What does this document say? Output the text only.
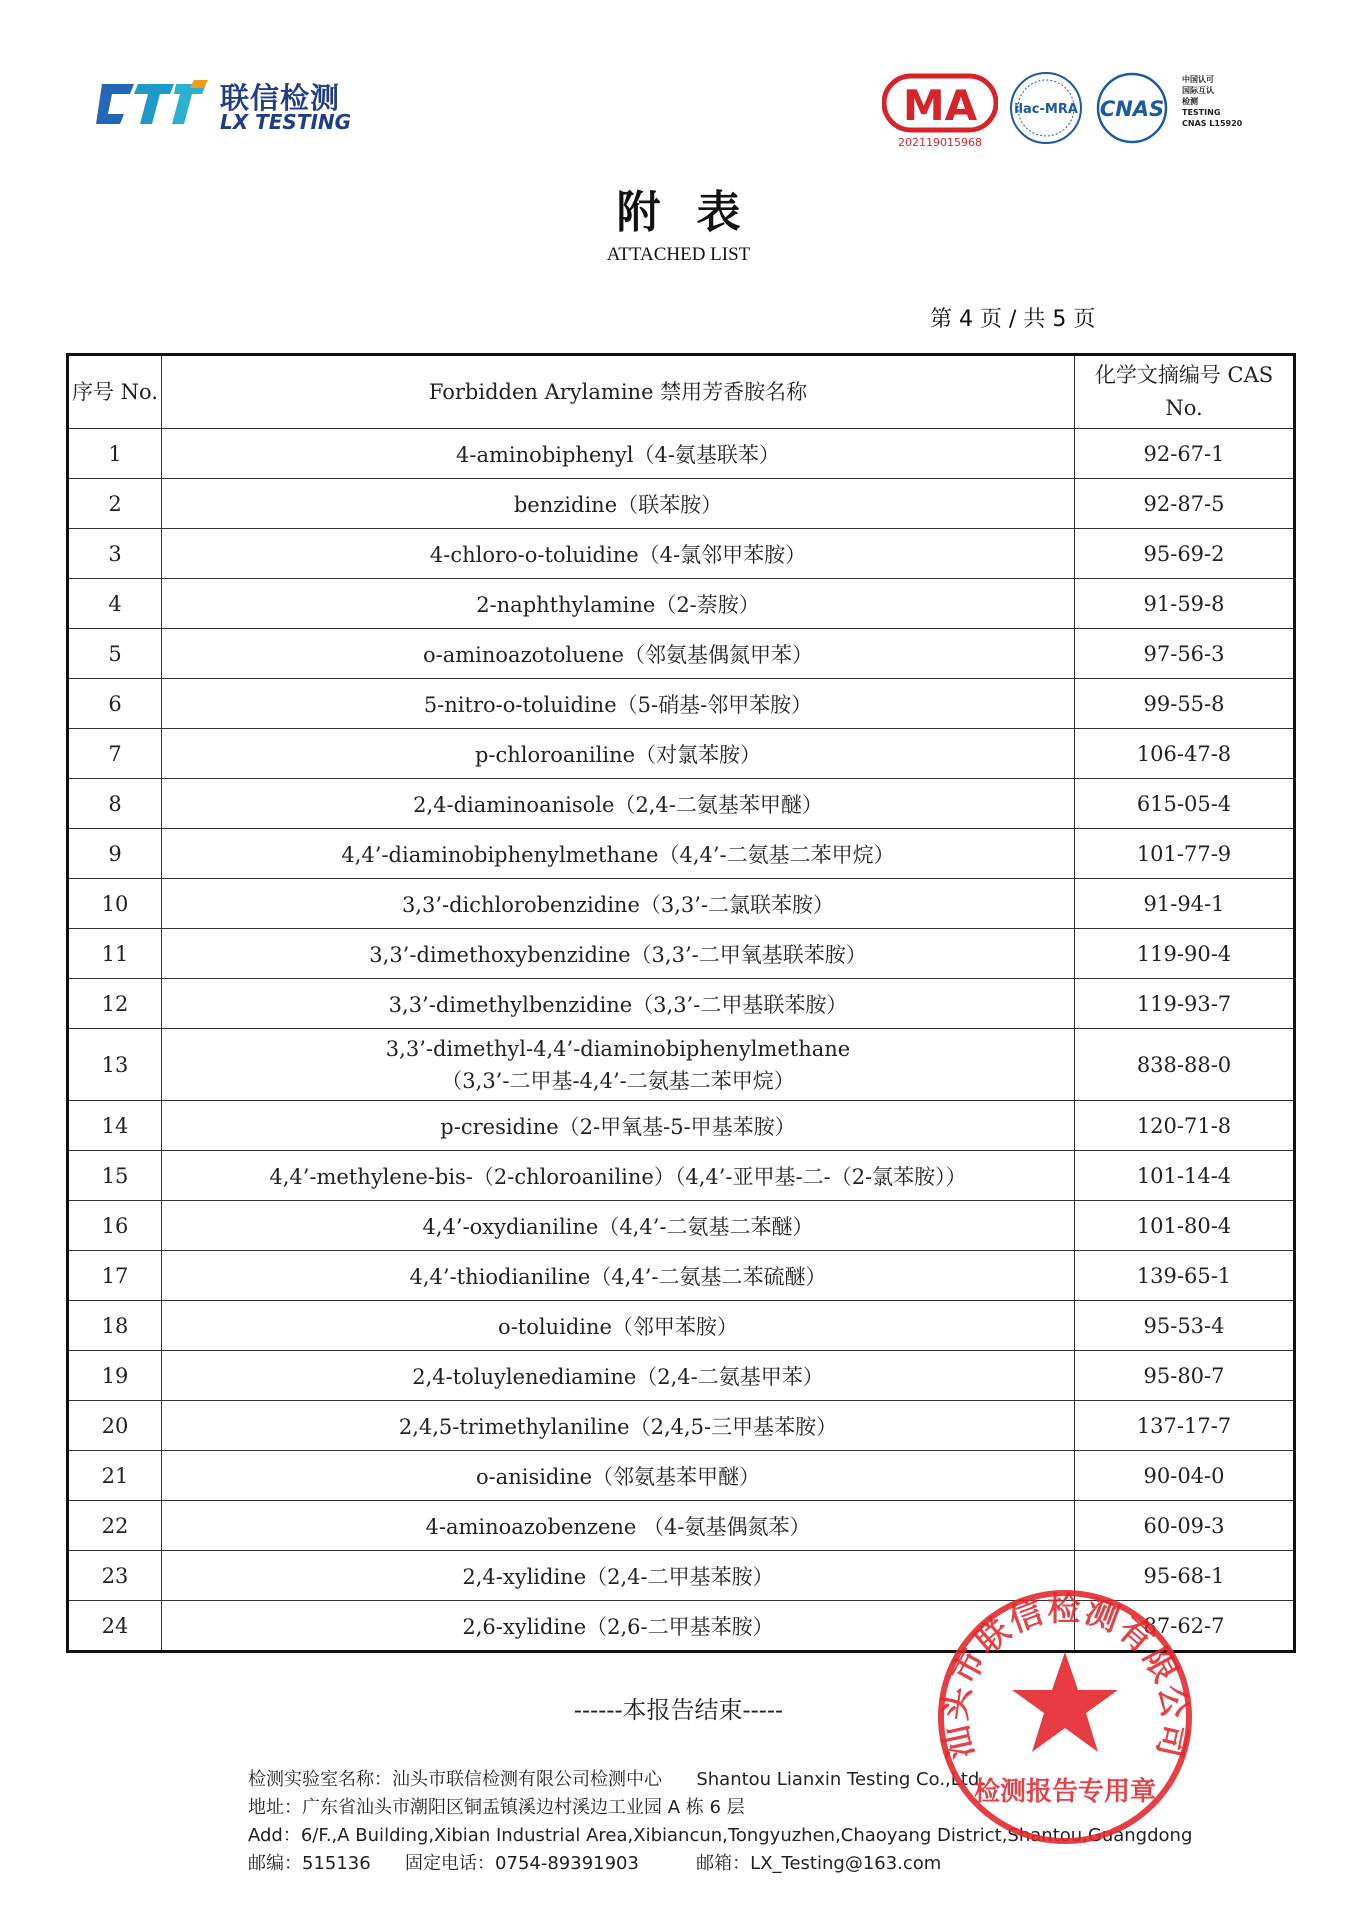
联信检测
LX TESTING	MA
202119015968
ilac-MRA CNAS
中国认可
国际互认
检测
TESTING
CNAS L15920
附表
ATTACHED LIST
第 4 页 / 共 5 页
序号 No.	Forbidden Arylamine 禁用芳香胺名称	化学文摘编号 CAS No.
1	4-aminobiphenyl（4-氨基联苯）	92-67-1
2	benzidine（联苯胺）	92-87-5
3	4-chloro-o-toluidine（4-氯邻甲苯胺）	95-69-2
4	2-naphthylamine（2-萘胺）	91-59-8
5	o-aminoazotoluene（邻氨基偶氮甲苯）	97-56-3
6	5-nitro-o-toluidine（5-硝基-邻甲苯胺）	99-55-8
7	p-chloroaniline（对氯苯胺）	106-47-8
8	2,4-diaminoanisole（2,4-二氨基苯甲醚）	615-05-4
9	4,4’-diaminobiphenylmethane（4,4’-二氨基二苯甲烷）	101-77-9
10	3,3’-dichlorobenzidine（3,3’-二氯联苯胺）	91-94-1
11	3,3’-dimethoxybenzidine（3,3’-二甲氧基联苯胺）	119-90-4
12	3,3’-dimethylbenzidine（3,3’-二甲基联苯胺）	119-93-7
13	3,3’-dimethyl-4,4’-diaminobiphenylmethane
（3,3’-二甲基-4,4’-二氨基二苯甲烷）	838-88-0
14	p-cresidine（2-甲氧基-5-甲基苯胺）	120-71-8
15	4,4’-methylene-bis-（2-chloroaniline）（4,4’-亚甲基-二-（2-氯苯胺））	101-14-4
16	4,4’-oxydianiline（4,4’-二氨基二苯醚）	101-80-4
17	4,4’-thiodianiline（4,4’-二氨基二苯硫醚）	139-65-1
18	o-toluidine（邻甲苯胺）	95-53-4
19	2,4-toluylenediamine（2,4-二氨基甲苯）	95-80-7
20	2,4,5-trimethylaniline（2,4,5-三甲基苯胺）	137-17-7
21	o-anisidine（邻氨基苯甲醚）	90-04-0
22	4-aminoazobenzene （4-氨基偶氮苯）	60-09-3
23	2,4-xylidine（2,4-二甲基苯胺）	95-68-1
24	2,6-xylidine（2,6-二甲基苯胺）	87-62-7
------本报告结束-----
检测实验室名称：汕头市联信检测有限公司检测中心      Shantou Lianxin Testing Co.,Ltd.
地址：广东省汕头市潮阳区铜盂镇溪边村溪边工业园 A 栋 6 层
Add：6/F.,A Building,Xibian Industrial Area,Xibiancun,Tongyuzhen,Chaoyang District,Shantou,Guangdong
邮编：515136      固定电话：0754-89391903          邮箱：LX_Testing@163.com
汕头市联信检测有限公司
检测报告专用章
